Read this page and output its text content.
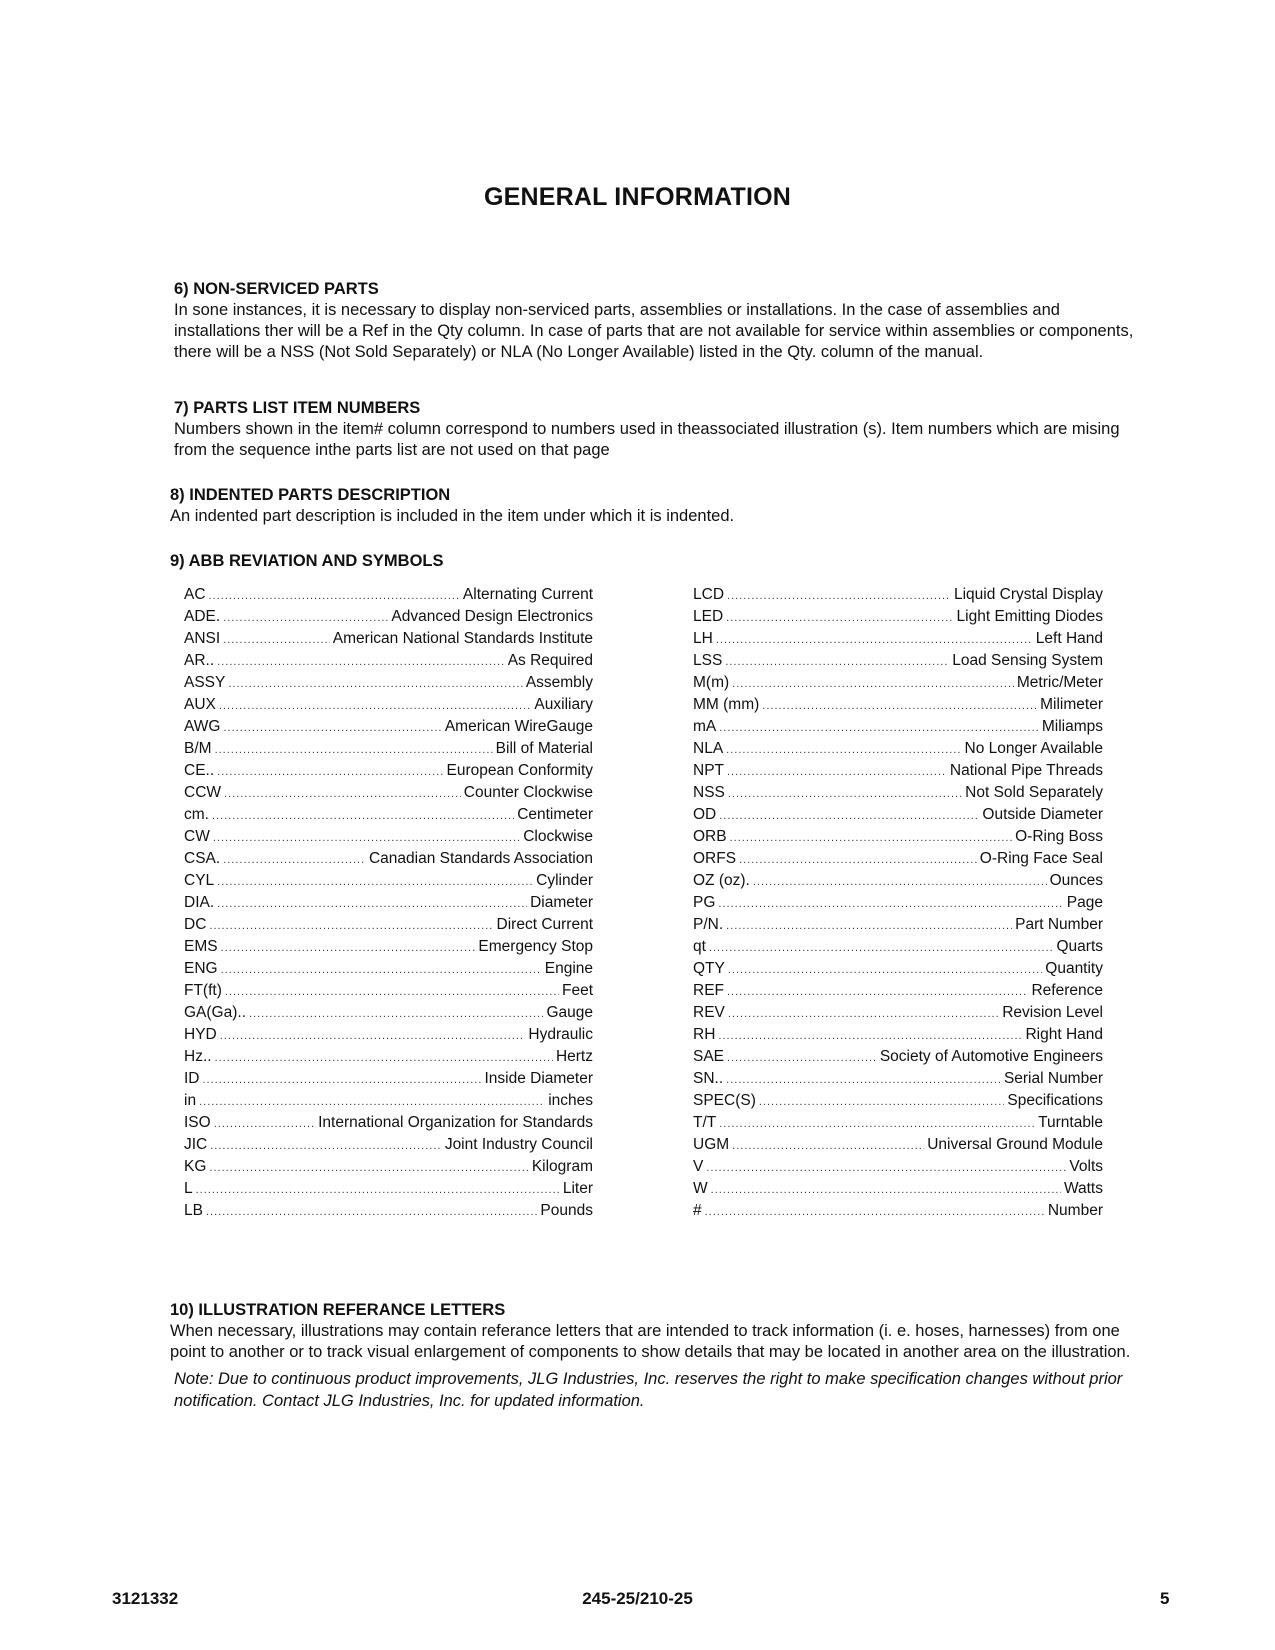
GENERAL INFORMATION
6) NON-SERVICED PARTS

In sone instances, it is necessary to display non-serviced parts, assemblies or installations. In the case of assemblies and installations ther will be a Ref in the Qty column. In case of parts that are not available for service within assemblies or components, there will be a NSS (Not Sold Separately) or NLA (No Longer Available) listed in the Qty. column of the manual.

7) PARTS LIST ITEM NUMBERS

Numbers shown in the item# column correspond to numbers used in theassociated illustration (s). Item numbers which are mising from the sequence inthe parts list are not used on that page

8) INDENTED PARTS DESCRIPTION

An indented part description is included in the item under which it is indented.

9) ABB REVIATION AND SYMBOLS
AC .....	Alternating Current
ADE. .....	Advanced Design Electronics
ANSI .....	American National Standards Institute
AR.. .....	As Required
ASSY .....	Assembly
AUX .....	Auxiliary
AWG .....	American WireGauge
B/M .....	Bill of Material
CE.. .....	European Conformity
CCW .....	Counter Clockwise
cm. .....	Centimeter
CW .....	Clockwise
CSA. .....	Canadian Standards Association
CYL .....	Cylinder
DIA. .....	Diameter
DC .....	Direct Current
EMS .....	Emergency Stop
ENG .....	Engine
FT(ft) .....	Feet
GA(Ga).. .....	Gauge
HYD .....	Hydraulic
Hz.. .....	Hertz
ID .....	Inside Diameter
in .....	inches
ISO .....	International Organization for Standards
JIC .....	Joint Industry Council
KG .....	Kilogram
L .....	Liter
LB .....	Pounds
LCD .....	Liquid Crystal Display
LED .....	Light Emitting Diodes
LH .....	Left Hand
LSS .....	Load Sensing System
M(m) .....	Metric/Meter
MM (mm) .....	Milimeter
mA .....	Miliamps
NLA .....	No Longer Available
NPT .....	National Pipe Threads
NSS .....	Not Sold Separately
OD .....	Outside Diameter
ORB .....	O-Ring Boss
ORFS .....	O-Ring Face Seal
OZ (oz). .....	Ounces
PG .....	Page
P/N. .....	Part Number
qt .....	Quarts
QTY .....	Quantity
REF .....	Reference
REV .....	Revision Level
RH .....	Right Hand
SAE .....	Society of Automotive Engineers
SN.. .....	Serial Number
SPEC(S) .....	Specifications
T/T .....	Turntable
UGM .....	Universal Ground Module
V .....	Volts
W .....	Watts
# .....	Number
10) ILLUSTRATION REFERANCE LETTERS

When necessary, illustrations may contain referance letters that are intended to track information (i. e. hoses, harnesses) from one point to another or to track visual enlargement of components to show details that may be located in another area on the illustration.

Note: Due to continuous product improvements, JLG Industries, Inc. reserves the right to make specification changes without prior notification. Contact JLG Industries, Inc. for updated information.
3121332	245-25/210-25	5
